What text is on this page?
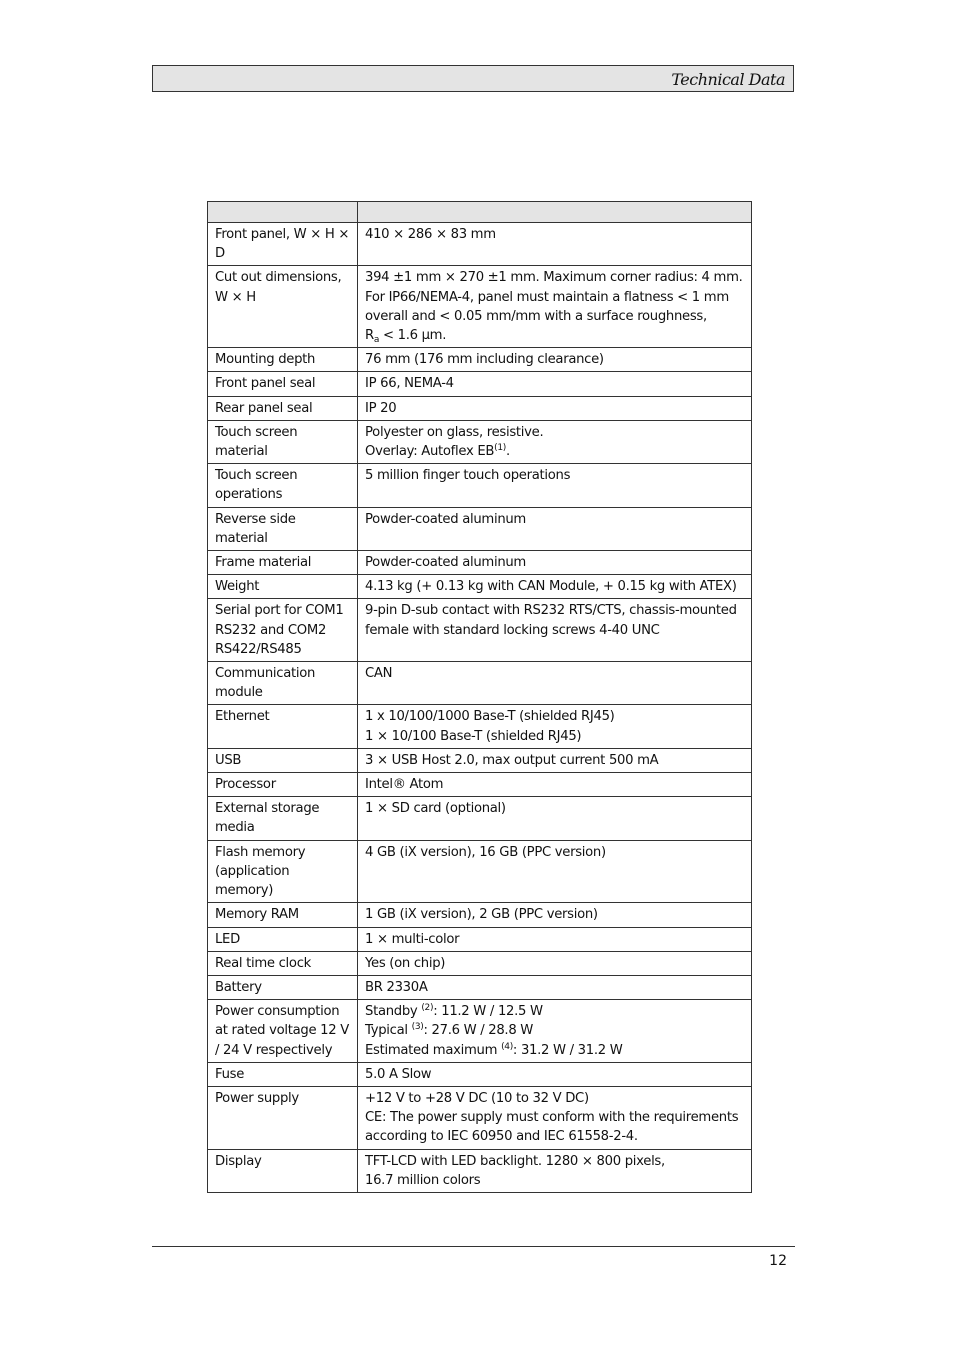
Technical Data

Front panel, W × H × D	410 × 286 × 83 mm

Cut out dimensions, W × H	394 ±1 mm × 270 ±1 mm. Maximum corner radius: 4 mm.
For IP66/NEMA-4, panel must maintain a flatness < 1 mm
overall and < 0.05 mm/mm with a surface roughness,
$R_a < 1.6$ µm.

Mounting depth	76 mm (176 mm including clearance)

Front panel seal	IP 66, NEMA-4

Rear panel seal	IP 20

Touch screen material	Polyester on glass, resistive.
Overlay: Autoflex EB$^{(1)}$.

Touch screen operations	5 million finger touch operations

Reverse side material	Powder-coated aluminum

Frame material	Powder-coated aluminum

Weight	4.13 kg (+ 0.13 kg with CAN Module, + 0.15 kg with ATEX)

Serial port for COM1 RS232 and COM2 RS422/RS485	9-pin D-sub contact with RS232 RTS/CTS, chassis-mounted female with standard locking screws 4-40 UNC

Communication module	CAN

Ethernet	1 x 10/100/1000 Base-T (shielded RJ45)
1 × 10/100 Base-T (shielded RJ45)

USB	3 × USB Host 2.0, max output current 500 mA

Processor	Intel® Atom

External storage media	1 × SD card (optional)

Flash memory (application memory)	4 GB (iX version), 16 GB (PPC version)

Memory RAM	1 GB (iX version), 2 GB (PPC version)

LED	1 × multi-color

Real time clock	Yes (on chip)

Battery	BR 2330A

Power consumption at rated voltage 12 V / 24 V respectively	Standby $^{(2)}$: 11.2 W / 12.5 W
Typical $^{(3)}$: 27.6 W / 28.8 W
Estimated maximum $^{(4)}$: 31.2 W / 31.2 W

Fuse	5.0 A Slow

Power supply	+12 V to +28 V DC (10 to 32 V DC)
CE: The power supply must conform with the requirements according to IEC 60950 and IEC 61558-2-4.

Display	TFT-LCD with LED backlight. 1280 × 800 pixels,
16.7 million colors
12
